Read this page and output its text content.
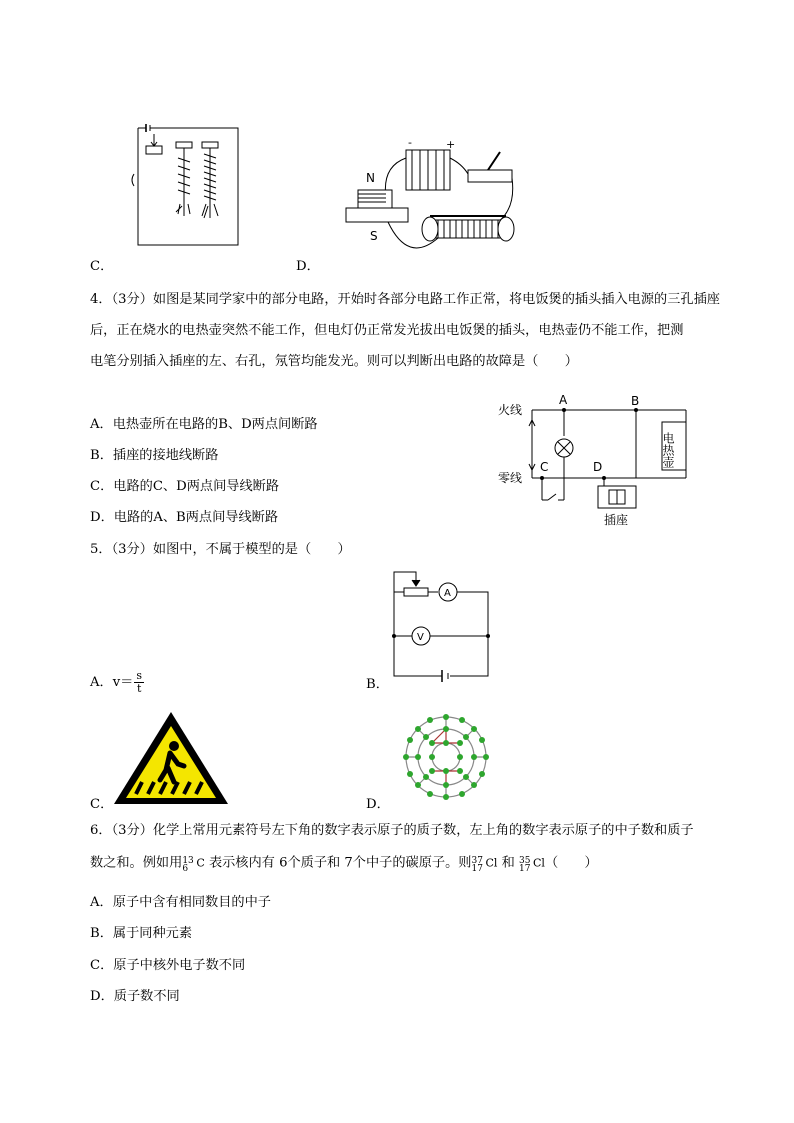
C．
N
S
-	+
D．
4．（3分）如图是某同学家中的部分电路，开始时各部分电路工作正常，将电饭煲的插头插入电源的三孔插座
后，正在烧水的电热壶突然不能工作，但电灯仍正常发光拔出电饭煲的插头，电热壶仍不能工作，把测
电笔分别插入插座的左、右孔，氖管均能发光。则可以判断出电路的故障是（　　）
A．电热壶所在电路的B、D两点间断路
B．插座的接地线断路
C．电路的C、D两点间导线断路
D．电路的A、B两点间导线断路
火线
零线
A	B
C	D	电热壶
插座
5．（3分）如图中，不属于模型的是（　　）
A．$v= \frac{s}{t}$	B．
A
V
C．	D．
6．（3分）化学上常用元素符号左下角的数字表示原子的质子数，左上角的数字表示原子的中子数和质子
数之和。例如用 13
6 C 表示核内有 6个质子和 7个中子的碳原子。则 37
17 Cl 和 35
17 Cl（　　）
A．原子中含有相同数目的中子
B．属于同种元素
C．原子中核外电子数不同
D．质子数不同
